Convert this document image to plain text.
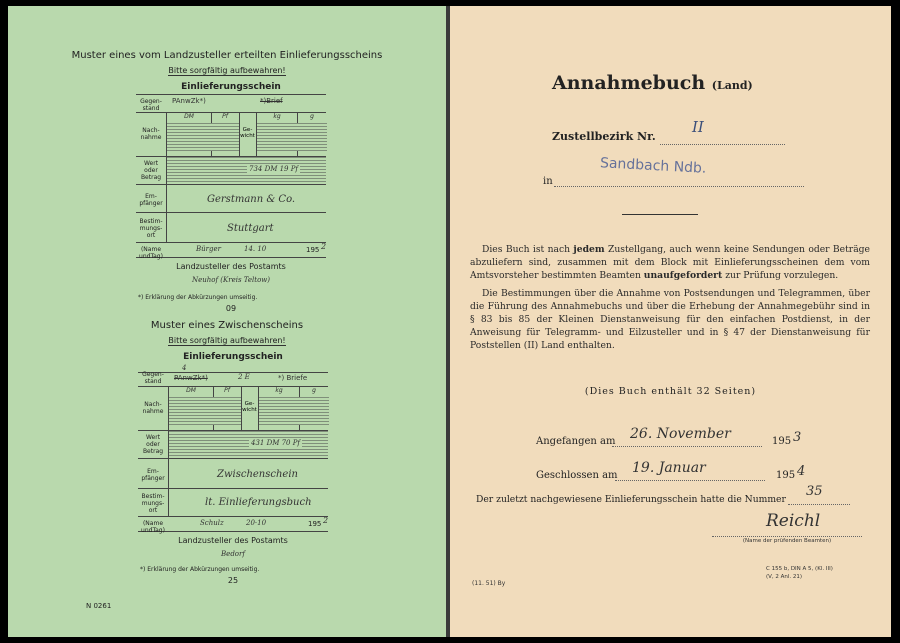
Muster eines vom Landzusteller erteilten Einlieferungsscheins
Bitte sorgfältig aufbewahren!
Einlieferungsschein
Gegen-
stand
PAnwZk*)	*)Brief
Nach-
nahme
DM	Pf
Ge-
wicht
kg	g
Wert
oder
Betrag
734 DM 19 Pf
Em-
pfänger	Gerstmann & Co.
Bestim-
mungs-
ort
Stuttgart
(Name
undTag)
Bürger	14. 10	195 2
Landzusteller des Postamts
Neuhof (Kreis Teltow)
*) Erklärung der Abkürzungen umseitig.
09
Muster eines Zwischenscheins
Bitte sorgfältig aufbewahren!
Einlieferungsschein
4
Gegen-
stand	PAnwZk*)	2 E	*) Briefe
Nach-
nahme
DM	Pf
Ge-
wicht
kg	g
Wert
oder
Betrag
431 DM 70 Pf
Em-
pfänger	Zwischenschein
Bestim-
mungs-
ort
lt. Einlieferungsbuch
(Name
undTag)
Schulz	20·10	195 2
Landzusteller des Postamts
Bedorf
*) Erklärung der Abkürzungen umseitig.
25
N 0261
Annahmebuch (Land)
Zustellbezirk Nr.
II
in
Sandbach Ndb.
Dies Buch ist nach jedem Zustellgang, auch wenn keine Sendungen oder Beträge abzuliefern sind, zusammen mit dem Block mit Einlieferungsscheinen dem vom Amtsvorsteher bestimmten Beamten unaufgefordert zur Prüfung vorzulegen.
Die Bestimmungen über die Annahme von Postsendungen und Telegrammen, über die Führung des Annahmebuchs und über die Erhebung der Annahmegebühr sind in § 83 bis 85 der Kleinen Dienstanweisung für den einfachen Postdienst, in der Anweisung für Telegramm- und Eilzusteller und in § 47 der Dienstanweisung für Poststellen (II) Land enthalten.
(Dies Buch enthält 32 Seiten)
Angefangen am 26. November	195 3
Geschlossen am 19. Januar	195 4
Der zuletzt nachgewiesene Einlieferungsschein hatte die Nummer
35
Reichl
(Name der prüfenden Beamten)
C 155 b, DIN A 5, (Kl. III)
(V, 2 Anl. 21)
(11. 51) By
